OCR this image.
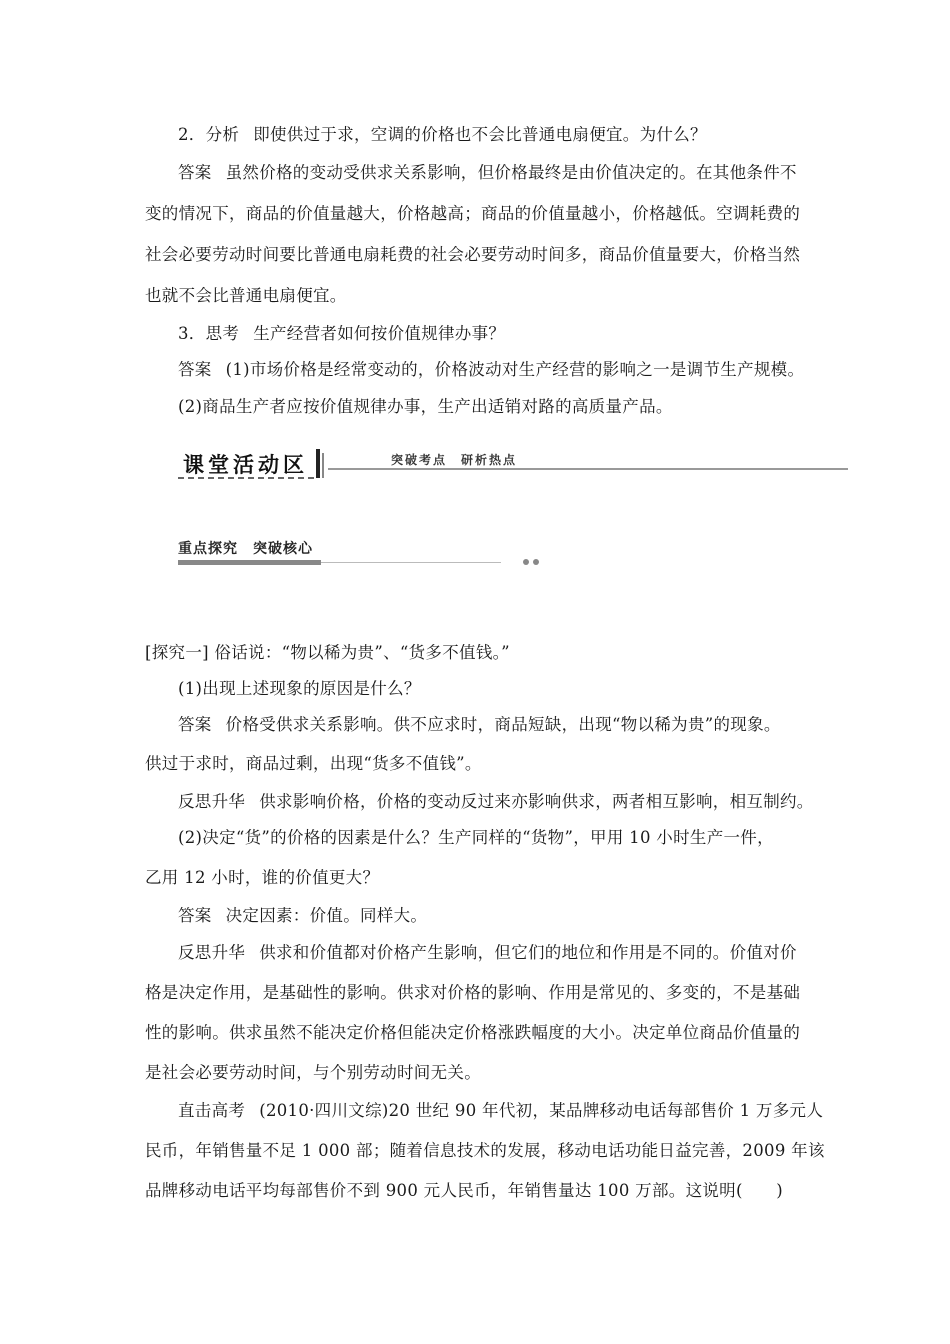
2．分析 即使供过于求，空调的价格也不会比普通电扇便宜。为什么？
答案 虽然价格的变动受供求关系影响，但价格最终是由价值决定的。在其他条件不
变的情况下，商品的价值量越大，价格越高；商品的价值量越小，价格越低。空调耗费的
社会必要劳动时间要比普通电扇耗费的社会必要劳动时间多，商品价值量要大，价格当然
也就不会比普通电扇便宜。
3．思考 生产经营者如何按价值规律办事？
答案 (1)市场价格是经常变动的，价格波动对生产经营的影响之一是调节生产规模。
(2)商品生产者应按价值规律办事，生产出适销对路的高质量产品。
课堂活动区	突破考点　研析热点
重点探究　突破核心
[探究一] 俗话说：“物以稀为贵”、“货多不值钱。”
(1)出现上述现象的原因是什么？
答案 价格受供求关系影响。供不应求时，商品短缺，出现“物以稀为贵”的现象。
供过于求时，商品过剩，出现“货多不值钱”。
反思升华 供求影响价格，价格的变动反过来亦影响供求，两者相互影响，相互制约。
(2)决定“货”的价格的因素是什么？生产同样的“货物”，甲用 10 小时生产一件，
乙用 12 小时，谁的价值更大？
答案 决定因素：价值。同样大。
反思升华 供求和价值都对价格产生影响，但它们的地位和作用是不同的。价值对价
格是决定作用，是基础性的影响。供求对价格的影响、作用是常见的、多变的，不是基础
性的影响。供求虽然不能决定价格但能决定价格涨跌幅度的大小。决定单位商品价值量的
是社会必要劳动时间，与个别劳动时间无关。
直击高考 (2010·四川文综)20 世纪 90 年代初，某品牌移动电话每部售价 1 万多元人
民币，年销售量不足 1 000 部；随着信息技术的发展，移动电话功能日益完善，2009 年该
品牌移动电话平均每部售价不到 900 元人民币，年销售量达 100 万部。这说明(　　)
